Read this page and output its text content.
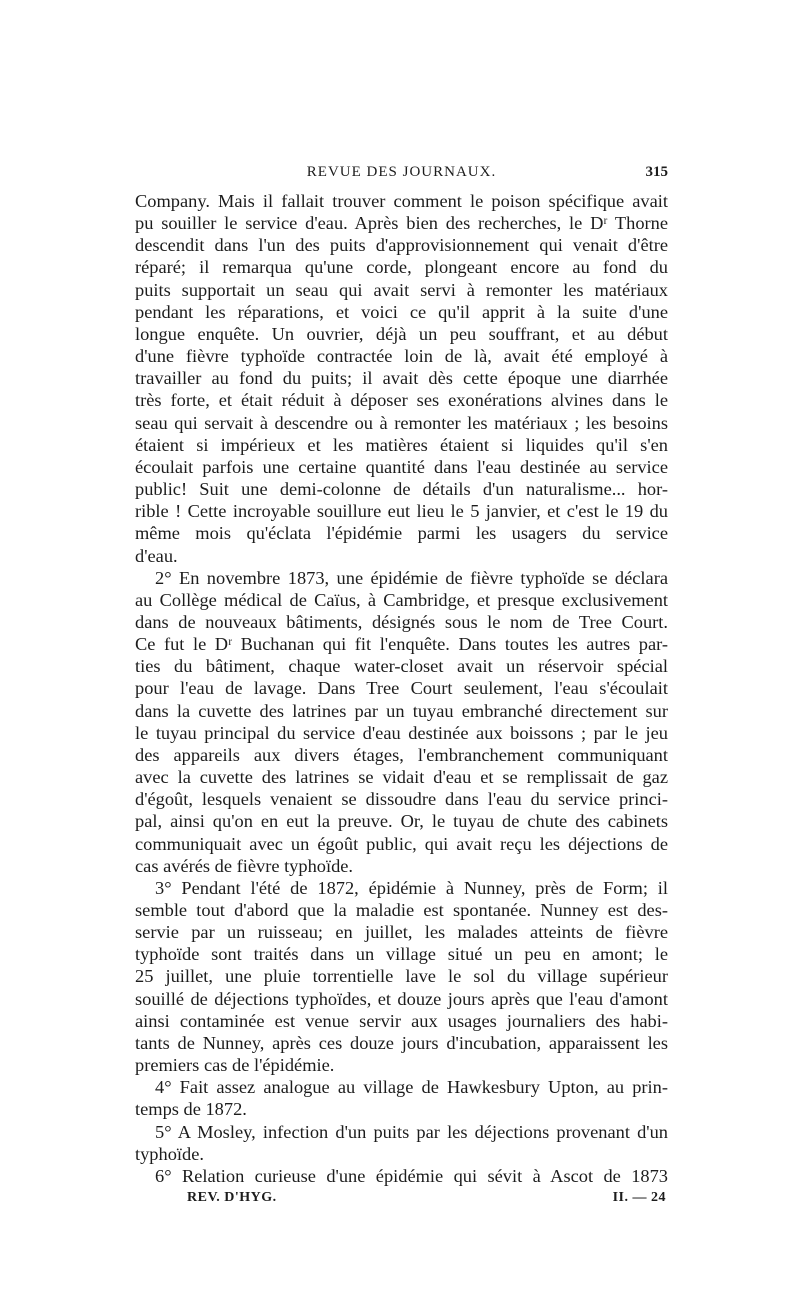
REVUE DES JOURNAUX.	315
Company. Mais il fallait trouver comment le poison spécifique avait
pu souiller le service d'eau. Après bien des recherches, le Dʳ Thorne
descendit dans l'un des puits d'approvisionnement qui venait d'être
réparé; il remarqua qu'une corde, plongeant encore au fond du
puits supportait un seau qui avait servi à remonter les matériaux
pendant les réparations, et voici ce qu'il apprit à la suite d'une
longue enquête. Un ouvrier, déjà un peu souffrant, et au début
d'une fièvre typhoïde contractée loin de là, avait été employé à
travailler au fond du puits; il avait dès cette époque une diarrhée
très forte, et était réduit à déposer ses exonérations alvines dans le
seau qui servait à descendre ou à remonter les matériaux ; les besoins
étaient si impérieux et les matières étaient si liquides qu'il s'en
écoulait parfois une certaine quantité dans l'eau destinée au service
public! Suit une demi-colonne de détails d'un naturalisme... hor-
rible ! Cette incroyable souillure eut lieu le 5 janvier, et c'est le 19 du
même mois qu'éclata l'épidémie parmi les usagers du service
d'eau.
2° En novembre 1873, une épidémie de fièvre typhoïde se déclara
au Collège médical de Caïus, à Cambridge, et presque exclusivement
dans de nouveaux bâtiments, désignés sous le nom de Tree Court.
Ce fut le Dʳ Buchanan qui fit l'enquête. Dans toutes les autres par-
ties du bâtiment, chaque water-closet avait un réservoir spécial
pour l'eau de lavage. Dans Tree Court seulement, l'eau s'écoulait
dans la cuvette des latrines par un tuyau embranché directement sur
le tuyau principal du service d'eau destinée aux boissons ; par le jeu
des appareils aux divers étages, l'embranchement communiquant
avec la cuvette des latrines se vidait d'eau et se remplissait de gaz
d'égoût, lesquels venaient se dissoudre dans l'eau du service princi-
pal, ainsi qu'on en eut la preuve. Or, le tuyau de chute des cabinets
communiquait avec un égoût public, qui avait reçu les déjections de
cas avérés de fièvre typhoïde.
3° Pendant l'été de 1872, épidémie à Nunney, près de Form; il
semble tout d'abord que la maladie est spontanée. Nunney est des-
servie par un ruisseau; en juillet, les malades atteints de fièvre
typhoïde sont traités dans un village situé un peu en amont; le
25 juillet, une pluie torrentielle lave le sol du village supérieur
souillé de déjections typhoïdes, et douze jours après que l'eau d'amont
ainsi contaminée est venue servir aux usages journaliers des habi-
tants de Nunney, après ces douze jours d'incubation, apparaissent les
premiers cas de l'épidémie.
4° Fait assez analogue au village de Hawkesbury Upton, au prin-
temps de 1872.
5° A Mosley, infection d'un puits par les déjections provenant d'un
typhoïde.
6° Relation curieuse d'une épidémie qui sévit à Ascot de 1873
REV. D'HYG.	II. — 24
